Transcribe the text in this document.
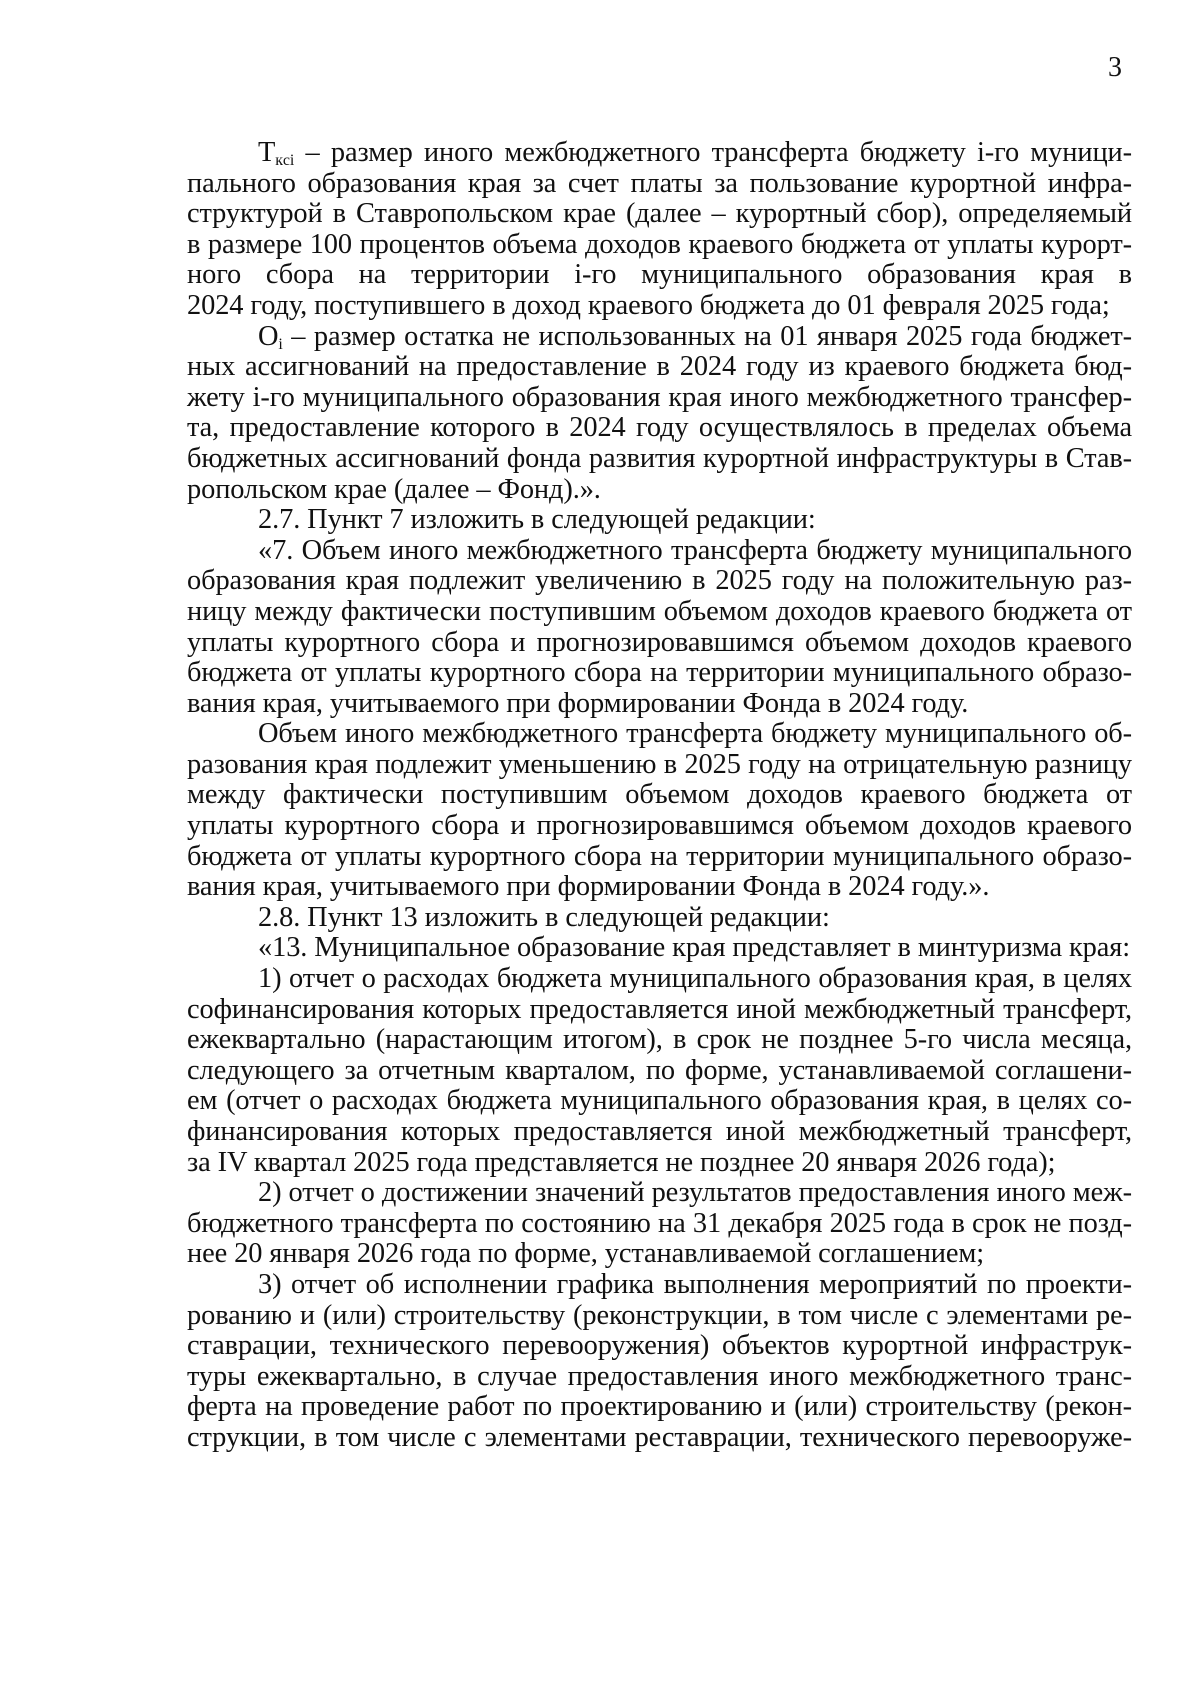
3
$T_{кci}$ – размер иного межбюджетного трансферта бюджету i-го муници-
пального образования края за счет платы за пользование курортной инфра-
структурой в Ставропольском крае (далее – курортный сбор), определяемый
в размере 100 процентов объема доходов краевого бюджета от уплаты курорт-
ного сбора на территории i-го муниципального образования края в
2024 году, поступившего в доход краевого бюджета до 01 февраля 2025 года;
$O_i$ – размер остатка не использованных на 01 января 2025 года бюджет-
ных ассигнований на предоставление в 2024 году из краевого бюджета бюд-
жету i-го муниципального образования края иного межбюджетного трансфер-
та, предоставление которого в 2024 году осуществлялось в пределах объема
бюджетных ассигнований фонда развития курортной инфраструктуры в Став-
ропольском крае (далее – Фонд).».
2.7. Пункт 7 изложить в следующей редакции:
«7. Объем иного межбюджетного трансферта бюджету муниципального
образования края подлежит увеличению в 2025 году на положительную раз-
ницу между фактически поступившим объемом доходов краевого бюджета от
уплаты курортного сбора и прогнозировавшимся объемом доходов краевого
бюджета от уплаты курортного сбора на территории муниципального образо-
вания края, учитываемого при формировании Фонда в 2024 году.
Объем иного межбюджетного трансферта бюджету муниципального об-
разования края подлежит уменьшению в 2025 году на отрицательную разницу
между фактически поступившим объемом доходов краевого бюджета от
уплаты курортного сбора и прогнозировавшимся объемом доходов краевого
бюджета от уплаты курортного сбора на территории муниципального образо-
вания края, учитываемого при формировании Фонда в 2024 году.».
2.8. Пункт 13 изложить в следующей редакции:
«13. Муниципальное образование края представляет в минтуризма края:
1) отчет о расходах бюджета муниципального образования края, в целях
софинансирования которых предоставляется иной межбюджетный трансферт,
ежеквартально (нарастающим итогом), в срок не позднее 5-го числа месяца,
следующего за отчетным кварталом, по форме, устанавливаемой соглашени-
ем (отчет о расходах бюджета муниципального образования края, в целях со-
финансирования которых предоставляется иной межбюджетный трансферт,
за IV квартал 2025 года представляется не позднее 20 января 2026 года);
2) отчет о достижении значений результатов предоставления иного меж-
бюджетного трансферта по состоянию на 31 декабря 2025 года в срок не позд-
нее 20 января 2026 года по форме, устанавливаемой соглашением;
3) отчет об исполнении графика выполнения мероприятий по проекти-
рованию и (или) строительству (реконструкции, в том числе с элементами ре-
ставрации, технического перевооружения) объектов курортной инфраструк-
туры ежеквартально, в случае предоставления иного межбюджетного транс-
ферта на проведение работ по проектированию и (или) строительству (рекон-
струкции, в том числе с элементами реставрации, технического перевооруже-
